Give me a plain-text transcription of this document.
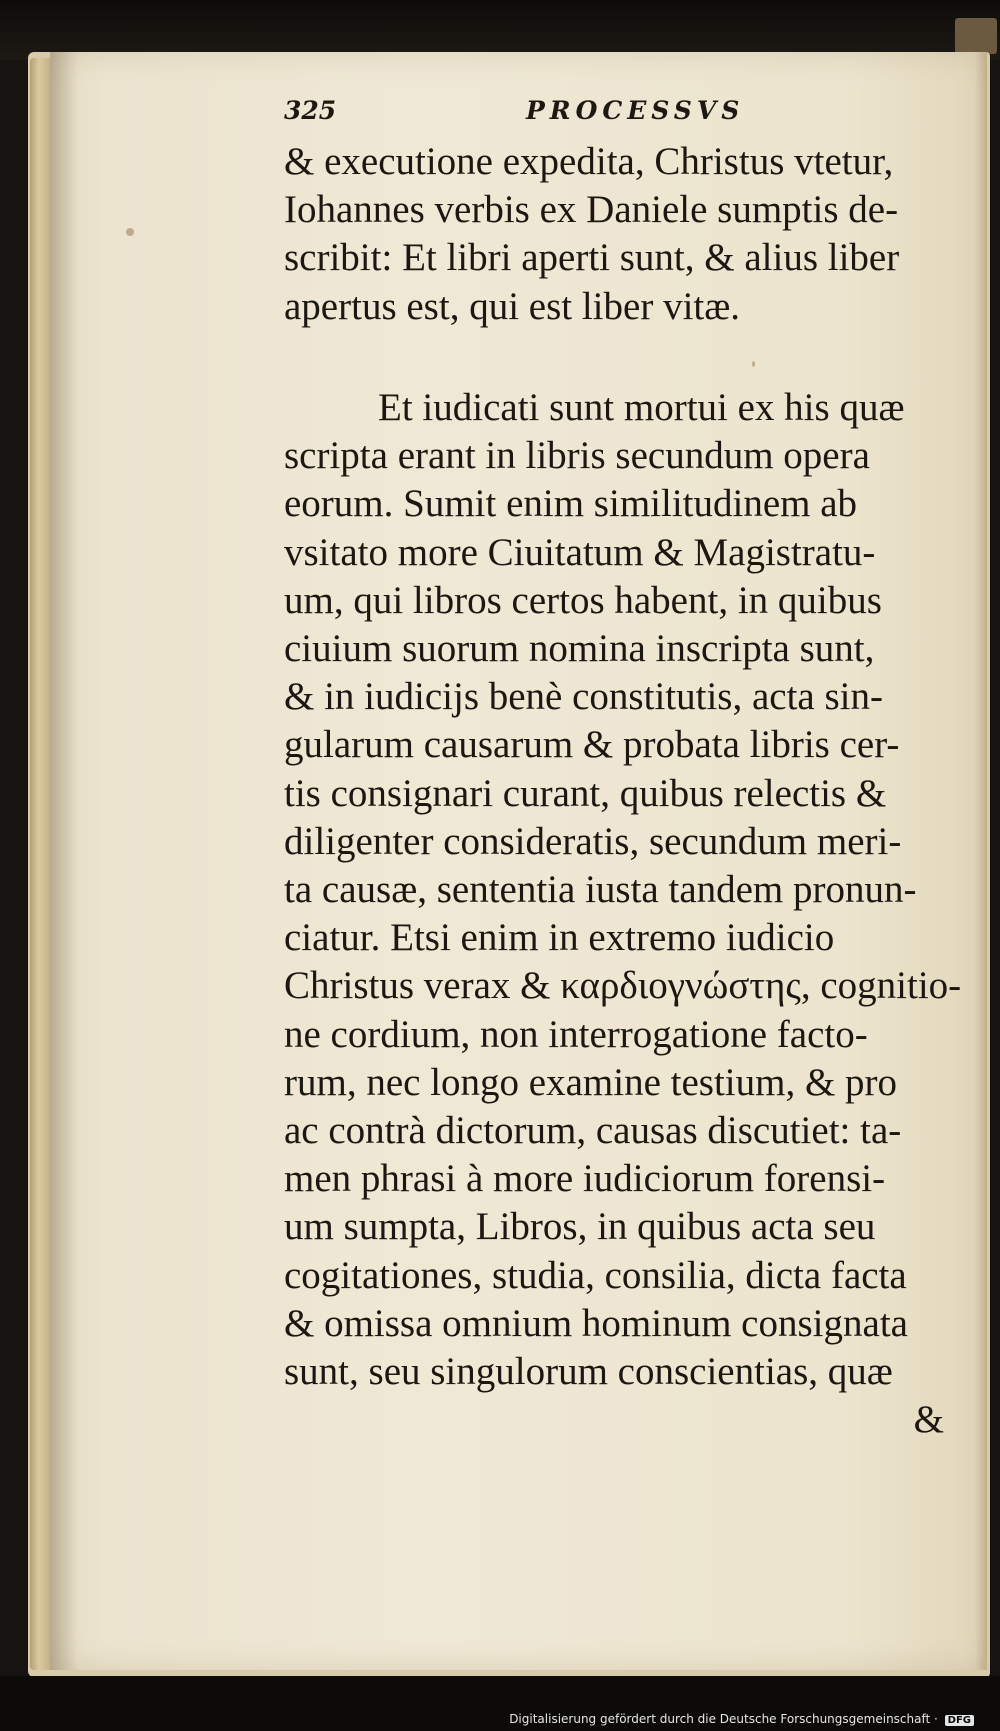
325	PROCESSVS
& executione expedita, Christus vtetur,
Iohannes verbis ex Daniele sumptis de-
scribit: Et libri aperti sunt, & alius liber
apertus est, qui est liber vitæ.
Et iudicati sunt mortui ex his quæ
scripta erant in libris secundum opera
eorum. Sumit enim similitudinem ab
vsitato more Ciuitatum & Magistratu-
um, qui libros certos habent, in quibus
ciuium suorum nomina inscripta sunt,
& in iudicijs benè constitutis, acta sin-
gularum causarum & probata libris cer-
tis consignari curant, quibus relectis &
diligenter consideratis, secundum meri-
ta causæ, sententia iusta tandem pronun-
ciatur. Etsi enim in extremo iudicio
Christus verax & καρδιογνώστης, cognitio-
ne cordium, non interrogatione facto-
rum, nec longo examine testium, & pro
ac contrà dictorum, causas discutiet: ta-
men phrasi à more iudiciorum forensi-
um sumpta, Libros, in quibus acta seu
cogitationes, studia, consilia, dicta facta
& omissa omnium hominum consignata
sunt, seu singulorum conscientias, quæ
&
Digitalisierung gefördert durch die Deutsche Forschungsgemeinschaft · DFG
